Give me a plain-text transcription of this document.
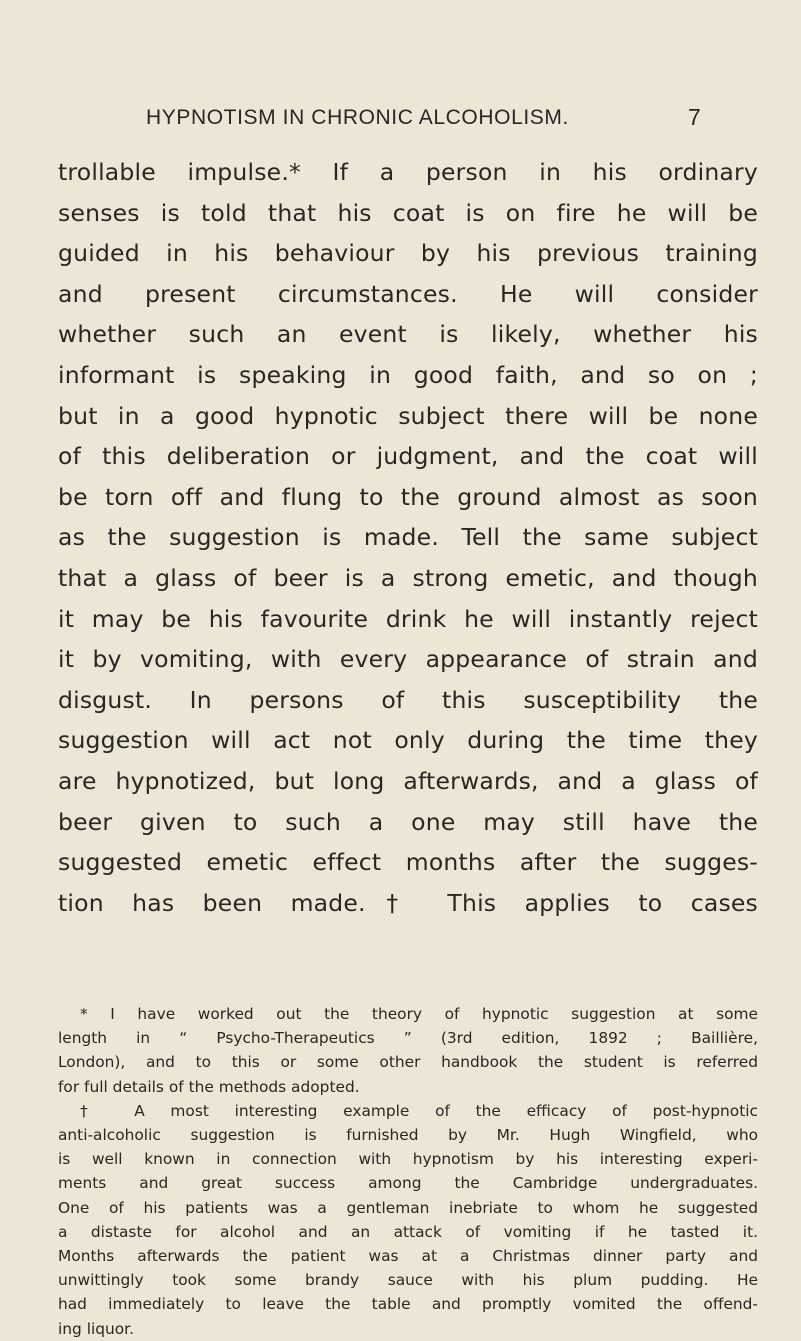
HYPNOTISM IN CHRONIC ALCOHOLISM.	7
trollable impulse.* If a person in his ordinary
senses is told that his coat is on fire he will be
guided in his behaviour by his previous training
and present circumstances. He will consider
whether such an event is likely, whether his
informant is speaking in good faith, and so on ;
but in a good hypnotic subject there will be none
of this deliberation or judgment, and the coat will
be torn off and flung to the ground almost as soon
as the suggestion is made. Tell the same subject
that a glass of beer is a strong emetic, and though
it may be his favourite drink he will instantly reject
it by vomiting, with every appearance of strain and
disgust. In persons of this susceptibility the
suggestion will act not only during the time they
are hypnotized, but long afterwards, and a glass of
beer given to such a one may still have the
suggested emetic effect months after the sugges-
tion has been made.† This applies to cases
* I have worked out the theory of hypnotic suggestion at some
length in “ Psycho-Therapeutics ” (3rd edition, 1892 ; Baillière,
London), and to this or some other handbook the student is referred
for full details of the methods adopted.
† A most interesting example of the efficacy of post-hypnotic
anti-alcoholic suggestion is furnished by Mr. Hugh Wingfield, who
is well known in connection with hypnotism by his interesting experi-
ments and great success among the Cambridge undergraduates.
One of his patients was a gentleman inebriate to whom he suggested
a distaste for alcohol and an attack of vomiting if he tasted it.
Months afterwards the patient was at a Christmas dinner party and
unwittingly took some brandy sauce with his plum pudding. He
had immediately to leave the table and promptly vomited the offend-
ing liquor.
